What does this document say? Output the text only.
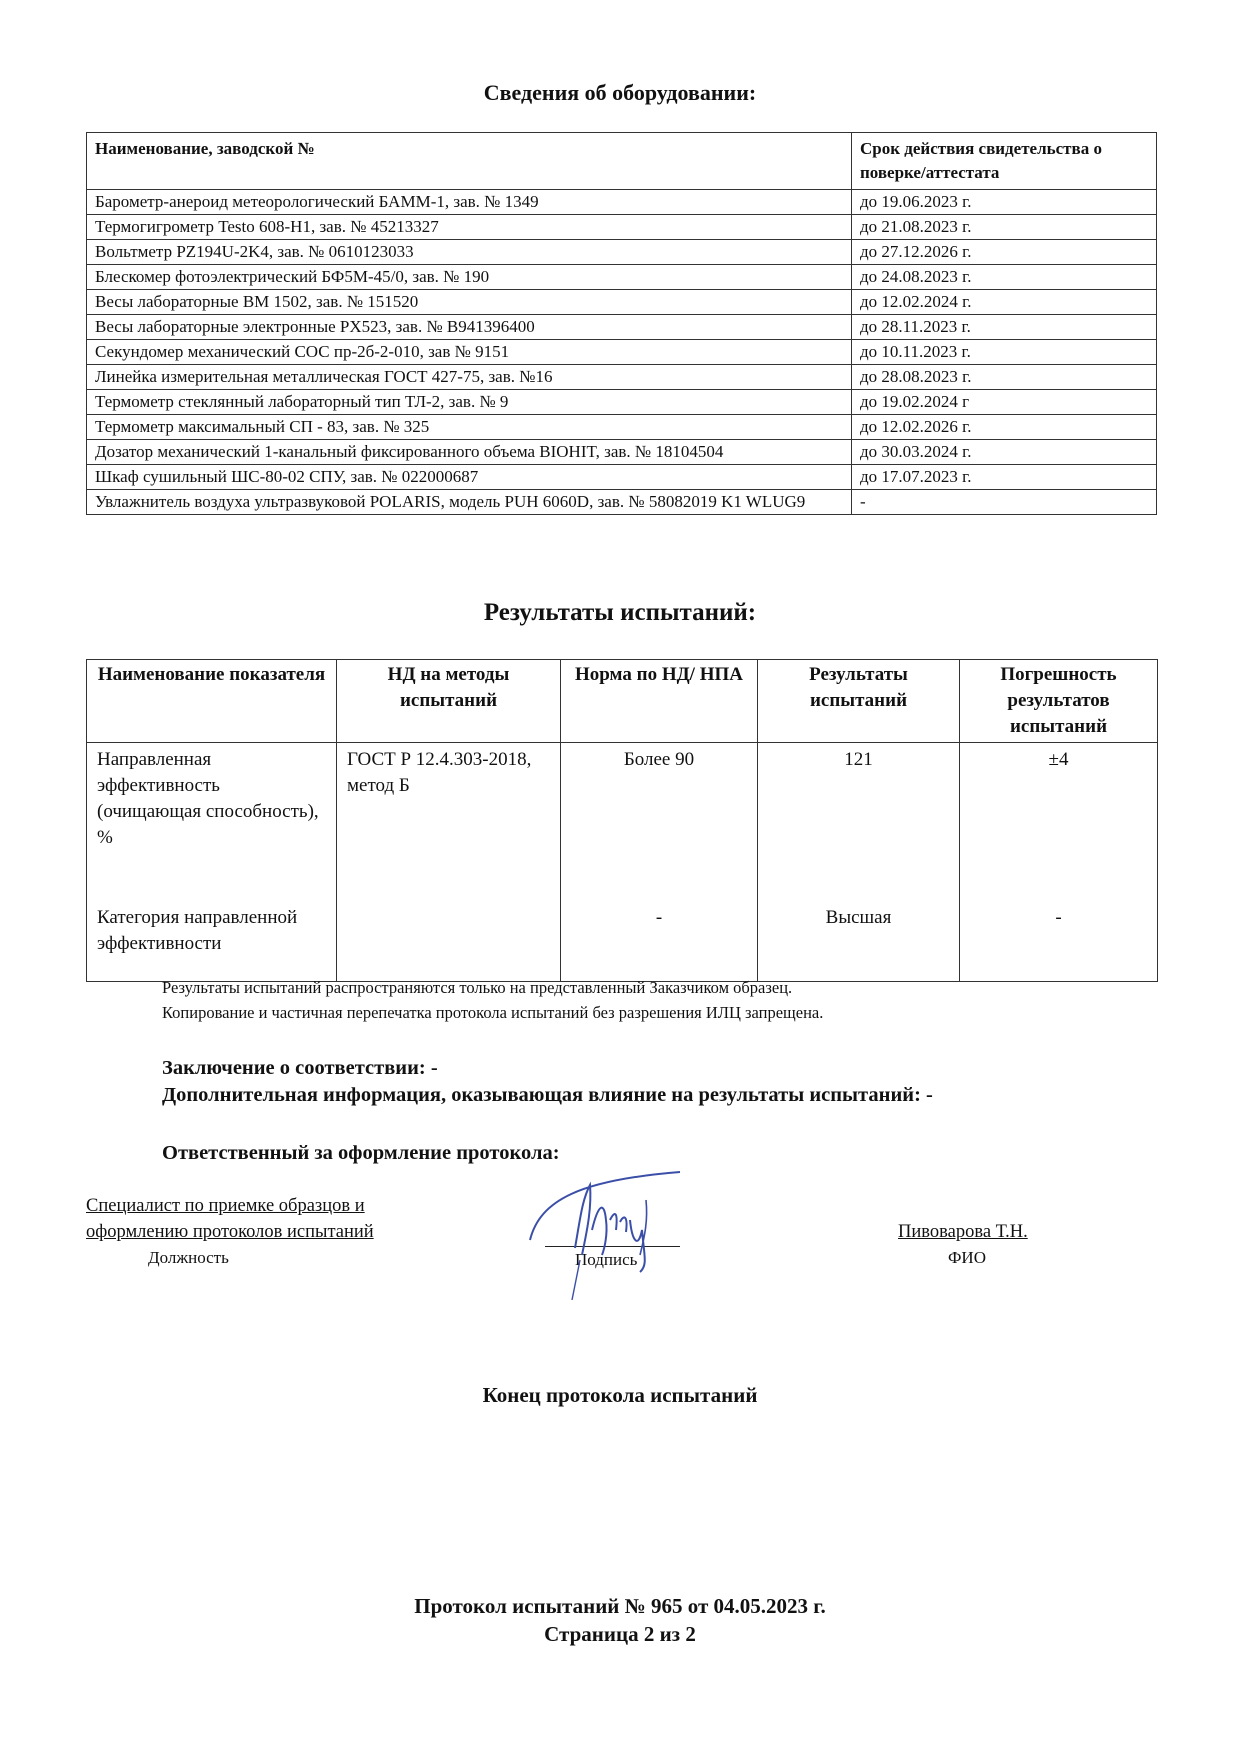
Сведения об оборудовании:
Наименование, заводской №	Срок действия свидетельства о поверке/аттестата
Барометр-анероид метеорологический БАММ-1, зав. № 1349	до 19.06.2023 г.
Термогигрометр Testo 608-H1, зав. № 45213327	до 21.08.2023 г.
Вольтметр PZ194U-2K4, зав. № 0610123033	до 27.12.2026 г.
Блескомер фотоэлектрический БФ5М-45/0, зав. № 190	до 24.08.2023 г.
Весы лабораторные ВМ 1502, зав. № 151520	до 12.02.2024 г.
Весы лабораторные электронные PX523, зав. № B941396400	до 28.11.2023 г.
Секундомер механический СОС пр-2б-2-010, зав № 9151	до 10.11.2023 г.
Линейка измерительная металлическая ГОСТ 427-75, зав. №16	до 28.08.2023 г.
Термометр стеклянный лабораторный тип ТЛ-2, зав. № 9	до 19.02.2024 г
Термометр максимальный СП - 83, зав. № 325	до 12.02.2026 г.
Дозатор механический 1-канальный фиксированного объема BIOHIT, зав. № 18104504	до 30.03.2024 г.
Шкаф сушильный ШС-80-02 СПУ, зав. № 022000687	до 17.07.2023 г.
Увлажнитель воздуха ультразвуковой POLARIS, модель PUH 6060D, зав. № 58082019 K1 WLUG9	-
Результаты испытаний:
Наименование показателя	НД на методы испытаний	Норма по НД/ НПА	Результаты испытаний	Погрешность результатов испытаний
Направленная эффективность (очищающая способность), %	ГОСТ Р 12.4.303-2018, метод Б	Более 90	121	±4
Категория направленной эффективности		-	Высшая	-
Результаты испытаний распространяются только на представленный Заказчиком образец.
Копирование и частичная перепечатка протокола испытаний без разрешения ИЛЦ запрещена.
Заключение о соответствии: -
Дополнительная информация, оказывающая влияние на результаты испытаний: -
Ответственный за оформление протокола:
Специалист по приемке образцов и
оформлению протоколов испытаний
Должность	Подпись
Пивоварова Т.Н.
ФИО
Конец протокола испытаний
Протокол испытаний № 965 от 04.05.2023 г.
Страница 2 из 2
